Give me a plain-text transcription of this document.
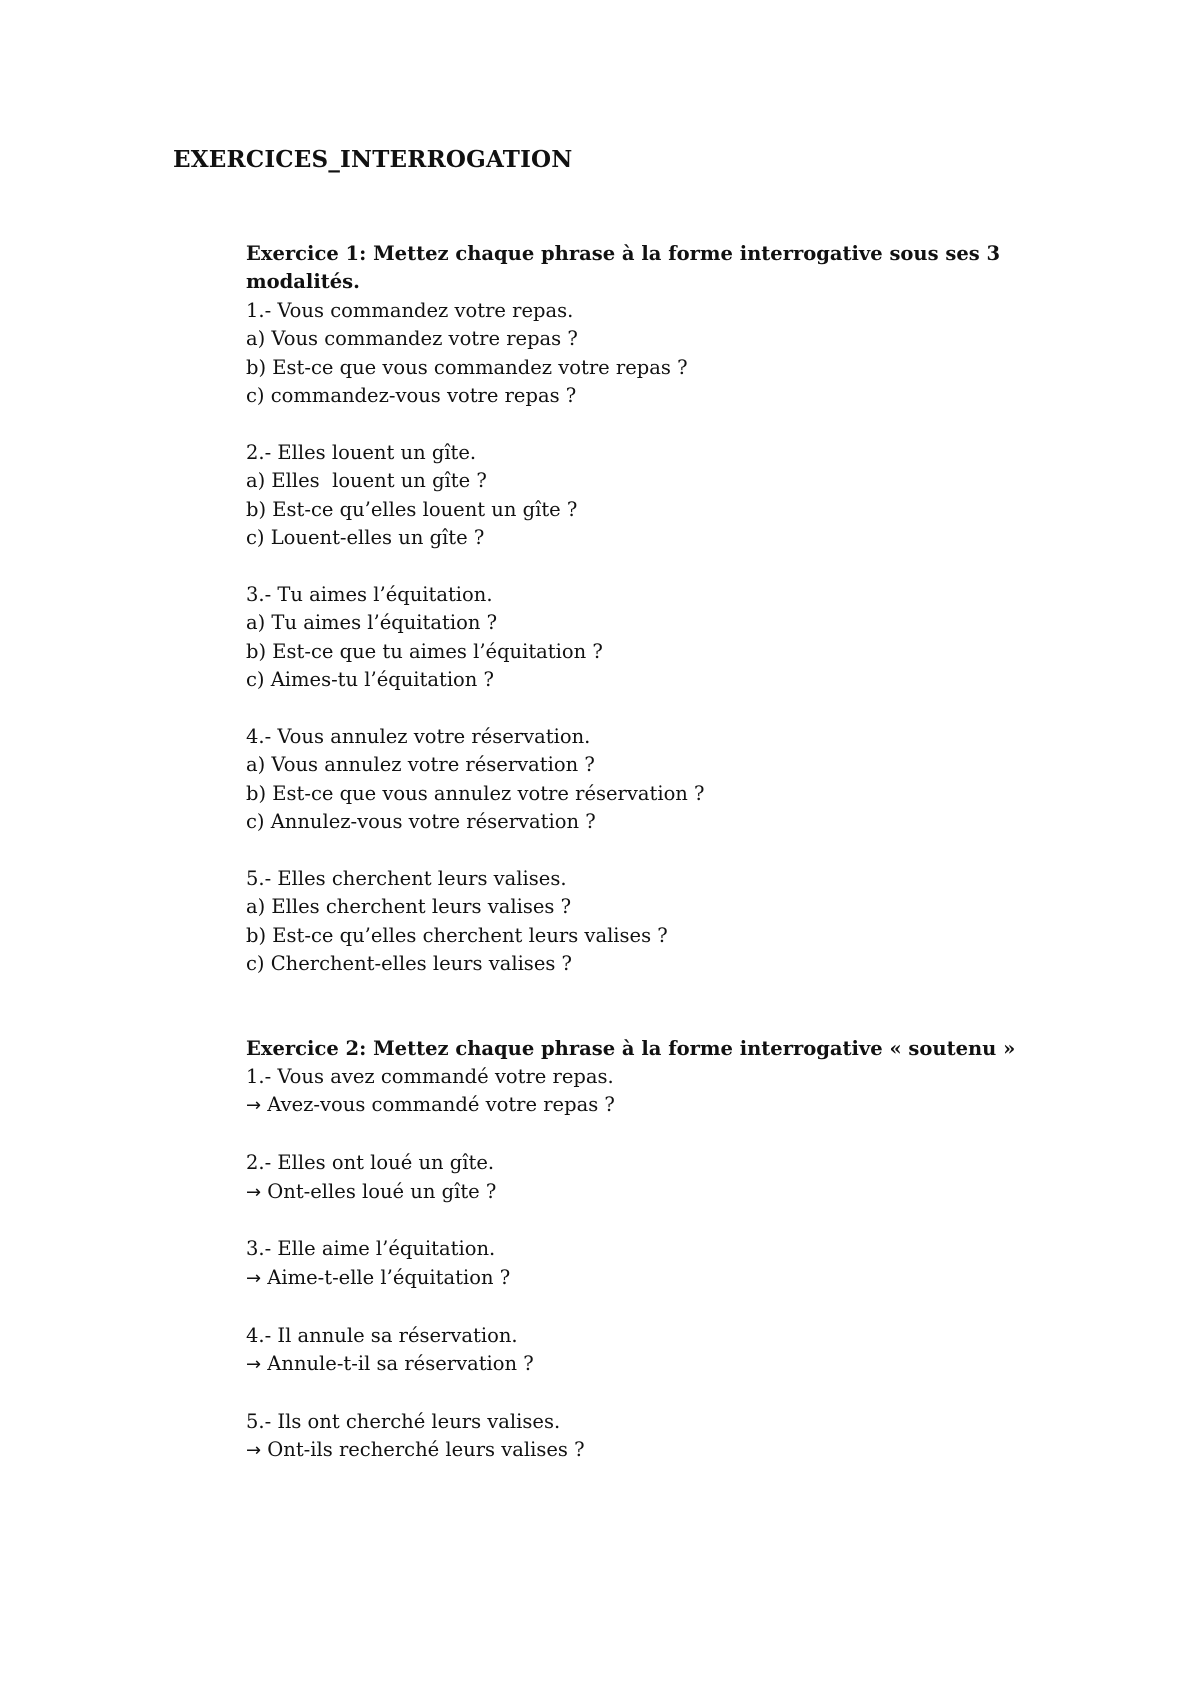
EXERCICES_INTERROGATION

Exercice 1: Mettez chaque phrase à la forme interrogative sous ses 3
modalités.

1.- Vous commandez votre repas.

a) Vous commandez votre repas ?

b) Est-ce que vous commandez votre repas ?

c) commandez-vous votre repas ?

2.- Elles louent un gîte.

a) Elles  louent un gîte ?

b) Est-ce qu’elles louent un gîte ?

c) Louent-elles un gîte ?

3.- Tu aimes l’équitation.

a) Tu aimes l’équitation ?

b) Est-ce que tu aimes l’équitation ?

c) Aimes-tu l’équitation ?

4.- Vous annulez votre réservation.

a) Vous annulez votre réservation ?

b) Est-ce que vous annulez votre réservation ?

c) Annulez-vous votre réservation ?

5.- Elles cherchent leurs valises.

a) Elles cherchent leurs valises ?

b) Est-ce qu’elles cherchent leurs valises ?

c) Cherchent-elles leurs valises ?

Exercice 2: Mettez chaque phrase à la forme interrogative « soutenu »

1.- Vous avez commandé votre repas.

→ Avez-vous commandé votre repas ?

2.- Elles ont loué un gîte.

→ Ont-elles loué un gîte ?

3.- Elle aime l’équitation.

→ Aime-t-elle l’équitation ?

4.- Il annule sa réservation.

→ Annule-t-il sa réservation ?

5.- Ils ont cherché leurs valises.

→ Ont-ils recherché leurs valises ?
